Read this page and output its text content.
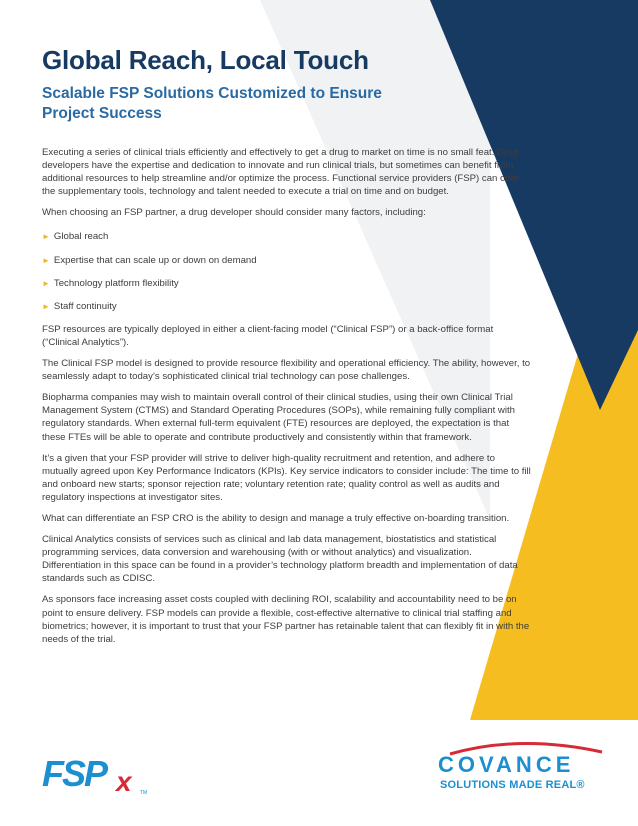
Global Reach, Local Touch
Scalable FSP Solutions Customized to Ensure Project Success

Executing a series of clinical trials efficiently and effectively to get a drug to market on time is no small feat. Drug developers have the expertise and dedication to innovate and run clinical trials, but sometimes can benefit from additional resources to help streamline and/or optimize the process. Functional service providers (FSP) can offer the supplementary tools, technology and talent needed to execute a trial on time and on budget.

When choosing an FSP partner, a drug developer should consider many factors, including:

► Global reach
► Expertise that can scale up or down on demand
► Technology platform flexibility
► Staff continuity

FSP resources are typically deployed in either a client-facing model (“Clinical FSP”) or a back-office format (“Clinical Analytics”).

The Clinical FSP model is designed to provide resource flexibility and operational efficiency. The ability, however, to seamlessly adapt to today’s sophisticated clinical trial technology can pose challenges.

Biopharma companies may wish to maintain overall control of their clinical studies, using their own Clinical Trial Management System (CTMS) and Standard Operating Procedures (SOPs), while remaining fully compliant with regulatory standards. When external full-term equivalent (FTE) resources are deployed, the expectation is that these FTEs will be able to operate and contribute productively and consistently within that framework.

It’s a given that your FSP provider will strive to deliver high-quality recruitment and retention, and adhere to mutually agreed upon Key Performance Indicators (KPIs). Key service indicators to consider include: The time to fill and onboard new starts; sponsor rejection rate; voluntary retention rate; quality control as well as audits and regulatory inspections at investigator sites.

What can differentiate an FSP CRO is the ability to design and manage a truly effective on-boarding transition.

Clinical Analytics consists of services such as clinical and lab data management, biostatistics and statistical programming services, data conversion and warehousing (with or without analytics) and visualization. Differentiation in this space can be found in a provider’s technology platform breadth and implementation of data standards such as CDISC.

As sponsors face increasing asset costs coupled with declining ROI, scalability and accountability need to be on point to ensure delivery. FSP models can provide a flexible, cost-effective alternative to clinical trial staffing and biometrics; however, it is important to trust that your FSP partner has retainable talent that can flexibly fit in with the needs of the trial.

FSP x TM
COVANCE
SOLUTIONS MADE REAL®
